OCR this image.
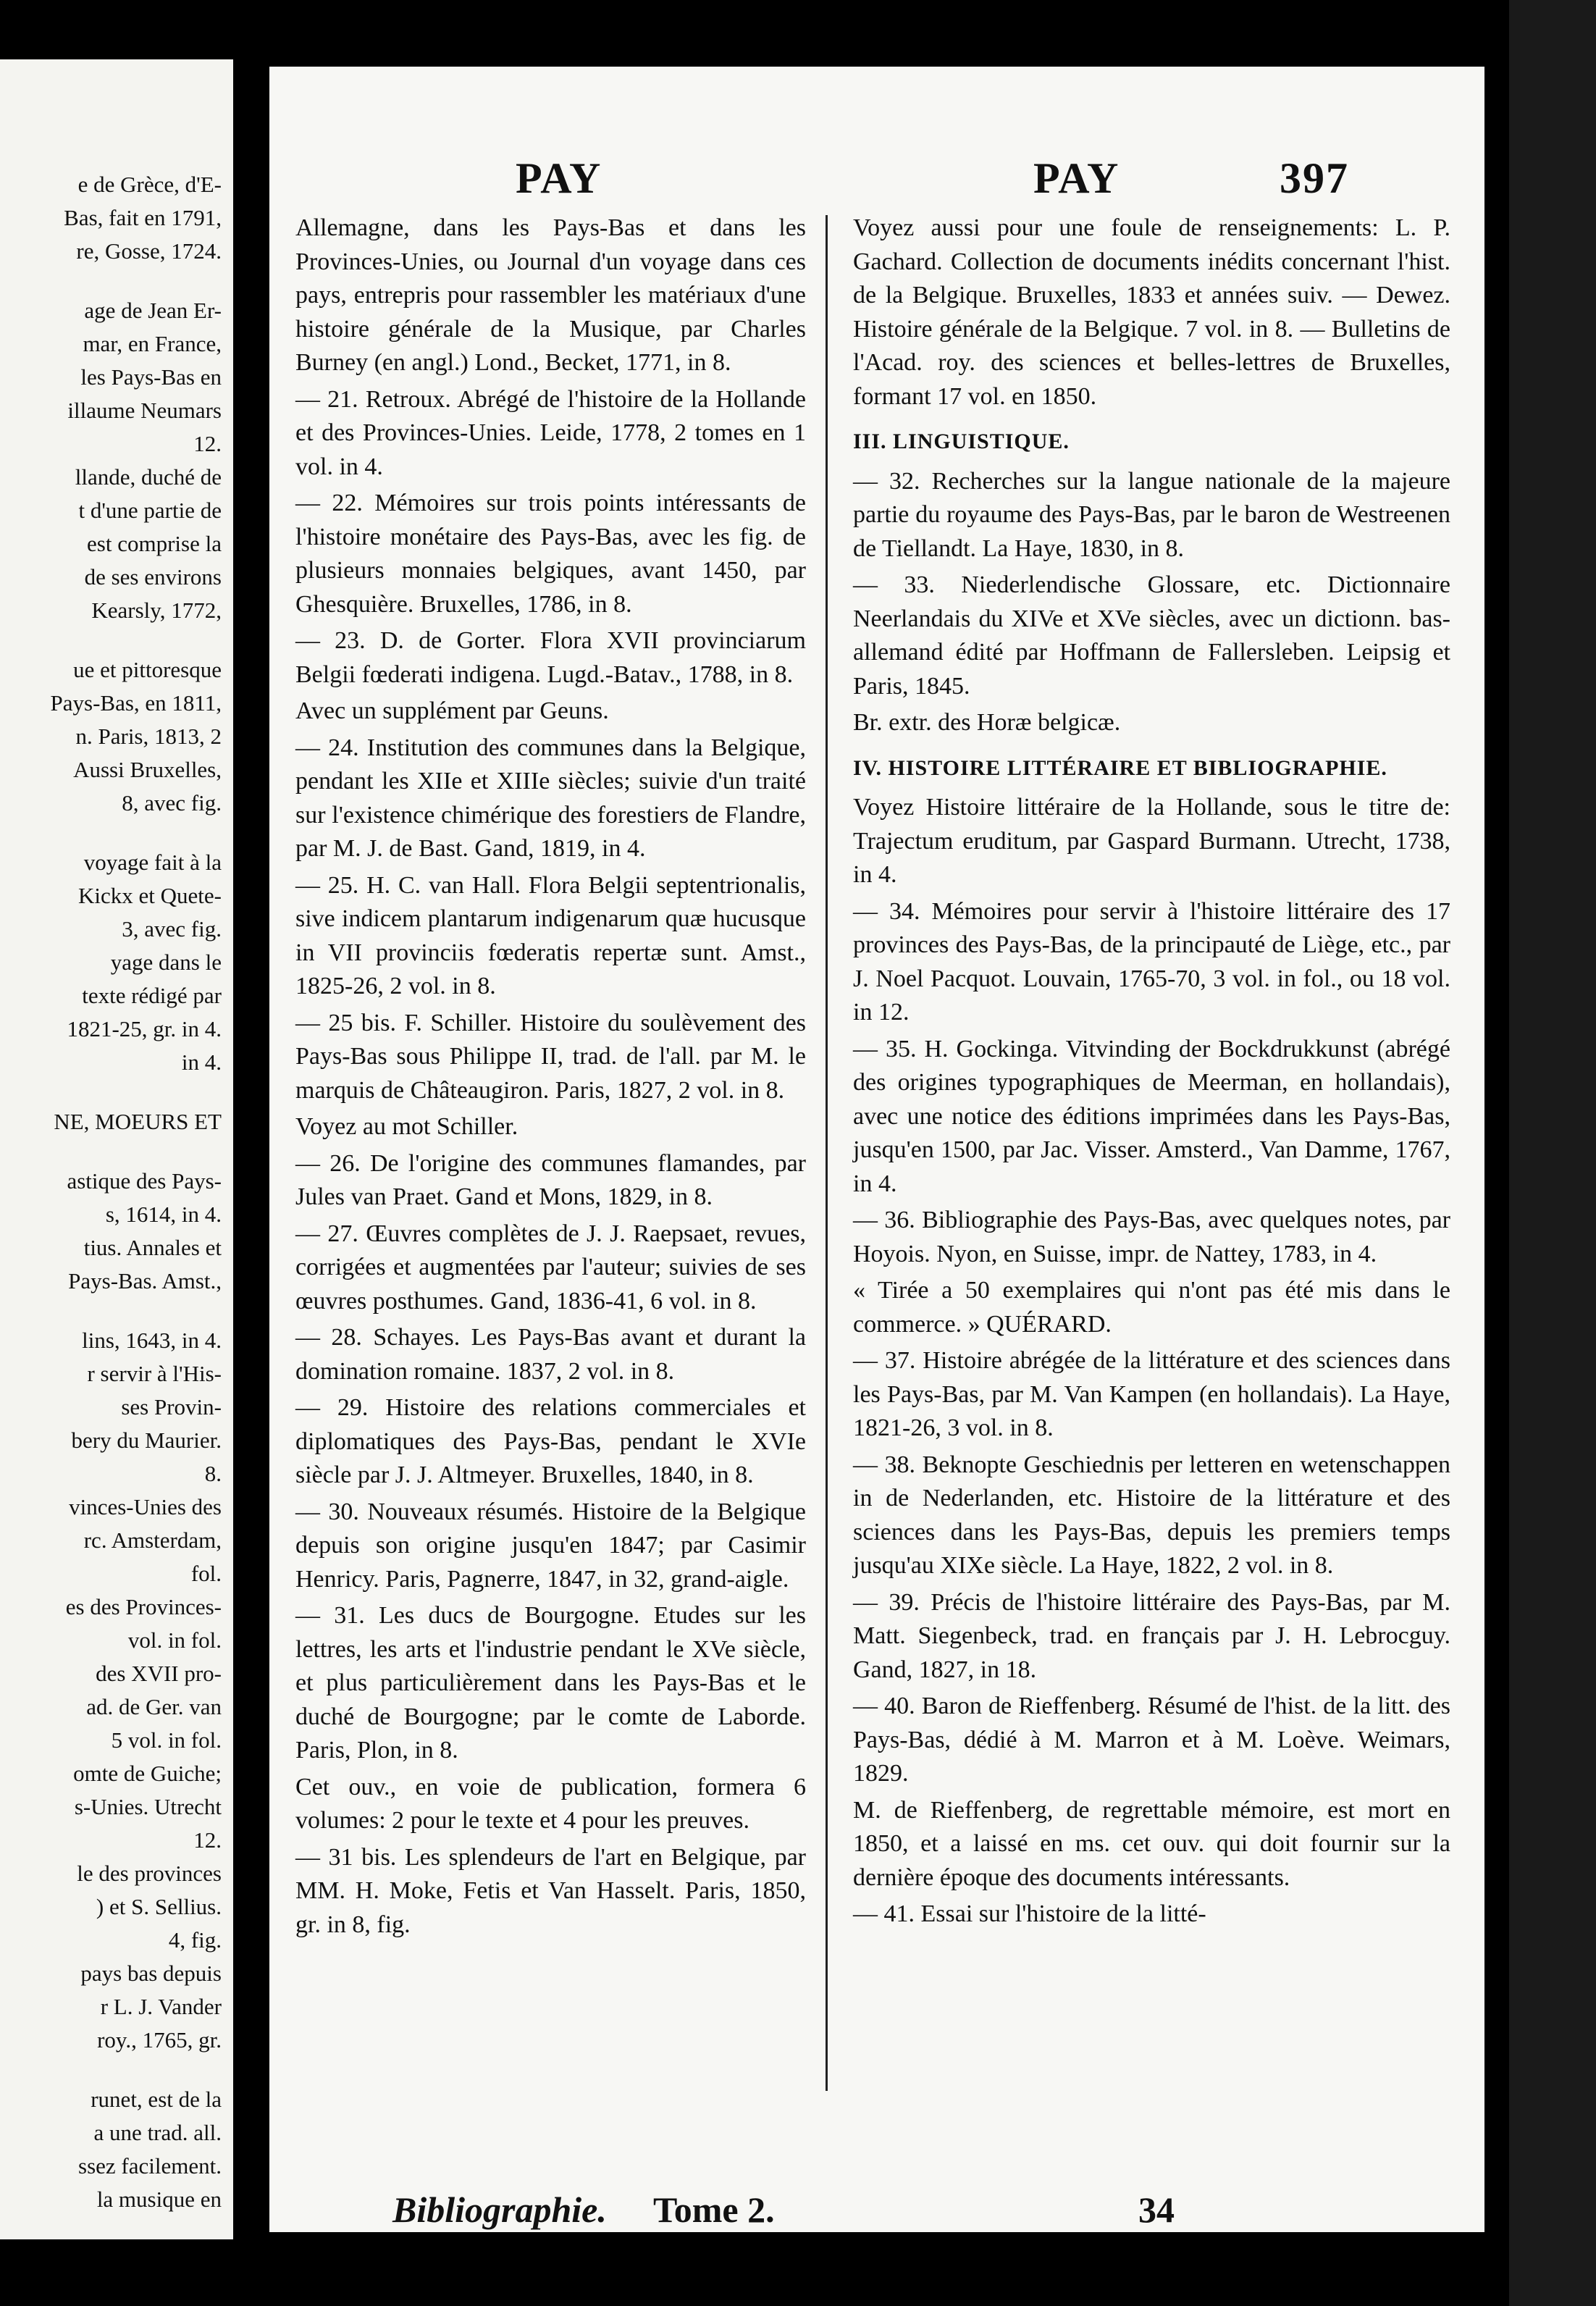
e de Grèce, d'E-

Bas, fait en 1791,

re, Gosse, 1724.

age de Jean Er-

mar, en France,

les Pays-Bas en

illaume Neumars

12.

llande, duché de

t d'une partie de

est comprise la

de ses environs

Kearsly, 1772,

ue et pittoresque

Pays-Bas, en 1811,

n. Paris, 1813, 2

Aussi Bruxelles,

8, avec fig.

voyage fait à la

Kickx et Quete-

3, avec fig.

yage dans le

texte rédigé par

1821-25, gr. in 4.

in 4.

NE, MOEURS ET

astique des Pays-

s, 1614, in 4.

tius. Annales et

Pays-Bas. Amst.,

lins, 1643, in 4.

r servir à l'His-

ses Provin-

bery du Maurier.

8.

vinces-Unies des

rc. Amsterdam,

fol.

es des Provinces-

vol. in fol.

des XVII pro-

ad. de Ger. van

5 vol. in fol.

omte de Guiche;

s-Unies. Utrecht

12.

le des provinces

) et S. Sellius.

4, fig.

pays bas depuis

r L. J. Vander

roy., 1765, gr.

runet, est de la

a une trad. all.

ssez facilement.

la musique en

PAY	PAY	397

Allemagne, dans les Pays-Bas et dans les Provinces-Unies, ou Journal d'un voyage dans ces pays, entrepris pour rassembler les matériaux d'une histoire générale de la Musique, par Charles Burney (en angl.) Lond., Becket, 1771, in 8.

— 21. Retroux. Abrégé de l'histoire de la Hollande et des Provinces-Unies. Leide, 1778, 2 tomes en 1 vol. in 4.

— 22. Mémoires sur trois points intéressants de l'histoire monétaire des Pays-Bas, avec les fig. de plusieurs monnaies belgiques, avant 1450, par Ghesquière. Bruxelles, 1786, in 8.

— 23. D. de Gorter. Flora XVII provinciarum Belgii fœderati indigena. Lugd.-Batav., 1788, in 8.

Avec un supplément par Geuns.

— 24. Institution des communes dans la Belgique, pendant les XIIe et XIIIe siècles; suivie d'un traité sur l'existence chimérique des forestiers de Flandre, par M. J. de Bast. Gand, 1819, in 4.

— 25. H. C. van Hall. Flora Belgii septentrionalis, sive indicem plantarum indigenarum quæ hucusque in VII provinciis fœderatis repertæ sunt. Amst., 1825-26, 2 vol. in 8.

— 25 bis. F. Schiller. Histoire du soulèvement des Pays-Bas sous Philippe II, trad. de l'all. par M. le marquis de Châteaugiron. Paris, 1827, 2 vol. in 8.

Voyez au mot Schiller.

— 26. De l'origine des communes flamandes, par Jules van Praet. Gand et Mons, 1829, in 8.

— 27. Œuvres complètes de J. J. Raepsaet, revues, corrigées et augmentées par l'auteur; suivies de ses œuvres posthumes. Gand, 1836-41, 6 vol. in 8.

— 28. Schayes. Les Pays-Bas avant et durant la domination romaine. 1837, 2 vol. in 8.

— 29. Histoire des relations commerciales et diplomatiques des Pays-Bas, pendant le XVIe siècle par J. J. Altmeyer. Bruxelles, 1840, in 8.

— 30. Nouveaux résumés. Histoire de la Belgique depuis son origine jusqu'en 1847; par Casimir Henricy. Paris, Pagnerre, 1847, in 32, grand-aigle.

— 31. Les ducs de Bourgogne. Etudes sur les lettres, les arts et l'industrie pendant le XVe siècle, et plus particulièrement dans les Pays-Bas et le duché de Bourgogne; par le comte de Laborde. Paris, Plon, in 8.

Cet ouv., en voie de publication, formera 6 volumes: 2 pour le texte et 4 pour les preuves.

— 31 bis. Les splendeurs de l'art en Belgique, par MM. H. Moke, Fetis et Van Hasselt. Paris, 1850, gr. in 8, fig.

Voyez aussi pour une foule de renseignements: L. P. Gachard. Collection de documents inédits concernant l'hist. de la Belgique. Bruxelles, 1833 et années suiv. — Dewez. Histoire générale de la Belgique. 7 vol. in 8. — Bulletins de l'Acad. roy. des sciences et belles-lettres de Bruxelles, formant 17 vol. en 1850.

III. LINGUISTIQUE.

— 32. Recherches sur la langue nationale de la majeure partie du royaume des Pays-Bas, par le baron de Westreenen de Tiellandt. La Haye, 1830, in 8.

— 33. Niederlendische Glossare, etc. Dictionnaire Neerlandais du XIVe et XVe siècles, avec un dictionn. bas-allemand édité par Hoffmann de Fallersleben. Leipsig et Paris, 1845.

Br. extr. des Horæ belgicæ.

IV. HISTOIRE LITTÉRAIRE ET BIBLIOGRAPHIE.

Voyez Histoire littéraire de la Hollande, sous le titre de: Trajectum eruditum, par Gaspard Burmann. Utrecht, 1738, in 4.

— 34. Mémoires pour servir à l'histoire littéraire des 17 provinces des Pays-Bas, de la principauté de Liège, etc., par J. Noel Pacquot. Louvain, 1765-70, 3 vol. in fol., ou 18 vol. in 12.

— 35. H. Gockinga. Vitvinding der Bockdrukkunst (abrégé des origines typographiques de Meerman, en hollandais), avec une notice des éditions imprimées dans les Pays-Bas, jusqu'en 1500, par Jac. Visser. Amsterd., Van Damme, 1767, in 4.

— 36. Bibliographie des Pays-Bas, avec quelques notes, par Hoyois. Nyon, en Suisse, impr. de Nattey, 1783, in 4.

« Tirée a 50 exemplaires qui n'ont pas été mis dans le commerce. » QUÉRARD.

— 37. Histoire abrégée de la littérature et des sciences dans les Pays-Bas, par M. Van Kampen (en hollandais). La Haye, 1821-26, 3 vol. in 8.

— 38. Beknopte Geschiednis per letteren en wetenschappen in de Nederlanden, etc. Histoire de la littérature et des sciences dans les Pays-Bas, depuis les premiers temps jusqu'au XIXe siècle. La Haye, 1822, 2 vol. in 8.

— 39. Précis de l'histoire littéraire des Pays-Bas, par M. Matt. Siegenbeck, trad. en français par J. H. Lebrocguy. Gand, 1827, in 18.

— 40. Baron de Rieffenberg. Résumé de l'hist. de la litt. des Pays-Bas, dédié à M. Marron et à M. Loève. Weimars, 1829.

M. de Rieffenberg, de regrettable mémoire, est mort en 1850, et a laissé en ms. cet ouv. qui doit fournir sur la dernière époque des documents intéressants.

— 41. Essai sur l'histoire de la litté-

Bibliographie. Tome 2.	34
